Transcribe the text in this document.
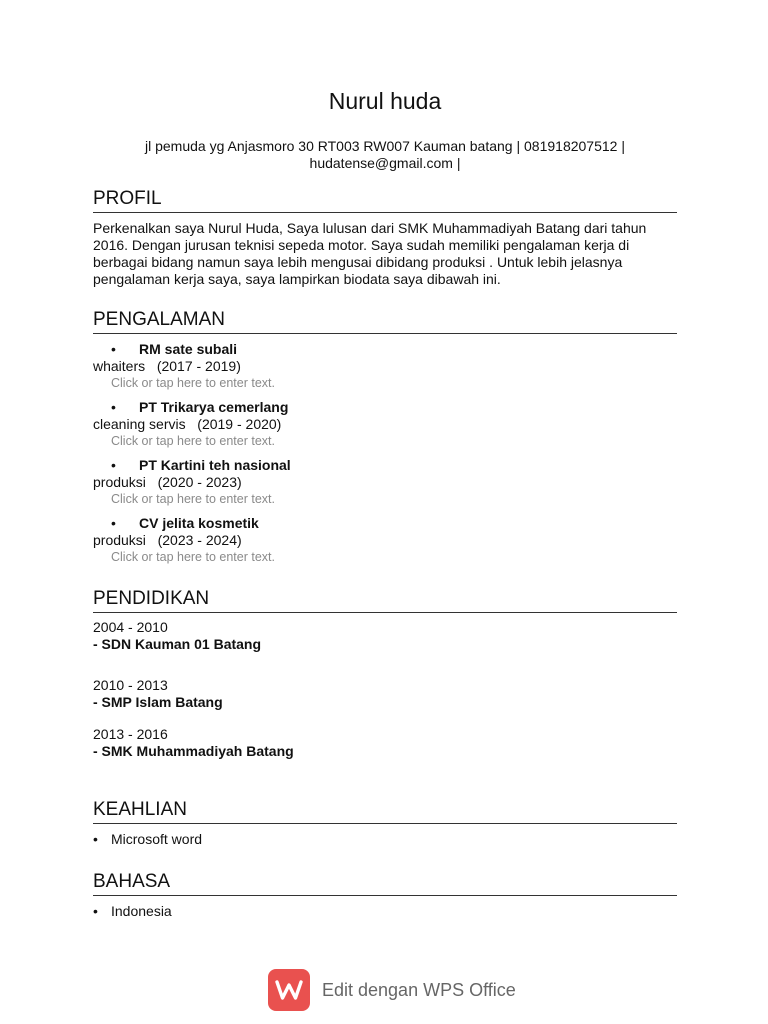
Nurul huda
jl pemuda yg Anjasmoro 30 RT003 RW007 Kauman batang | 081918207512 |
hudatense@gmail.com |
PROFIL
Perkenalkan saya Nurul Huda, Saya lulusan dari SMK Muhammadiyah Batang dari tahun 2016. Dengan jurusan teknisi sepeda motor. Saya sudah memiliki pengalaman kerja di berbagai bidang namun saya lebih mengusai dibidang produksi . Untuk lebih jelasnya pengalaman kerja saya, saya lampirkan biodata saya dibawah ini.
PENGALAMAN
• RM sate subali
whaiters (2017 - 2019)
Click or tap here to enter text.
• PT Trikarya cemerlang
cleaning servis (2019 - 2020)
Click or tap here to enter text.
• PT Kartini teh nasional
produksi (2020 - 2023)
Click or tap here to enter text.
• CV jelita kosmetik
produksi (2023 - 2024)
Click or tap here to enter text.
PENDIDIKAN
2004 - 2010
- SDN Kauman 01 Batang
2010 - 2013
- SMP Islam Batang
2013 - 2016
- SMK Muhammadiyah Batang
KEAHLIAN
• Microsoft word
BAHASA
• Indonesia
Edit dengan WPS Office
